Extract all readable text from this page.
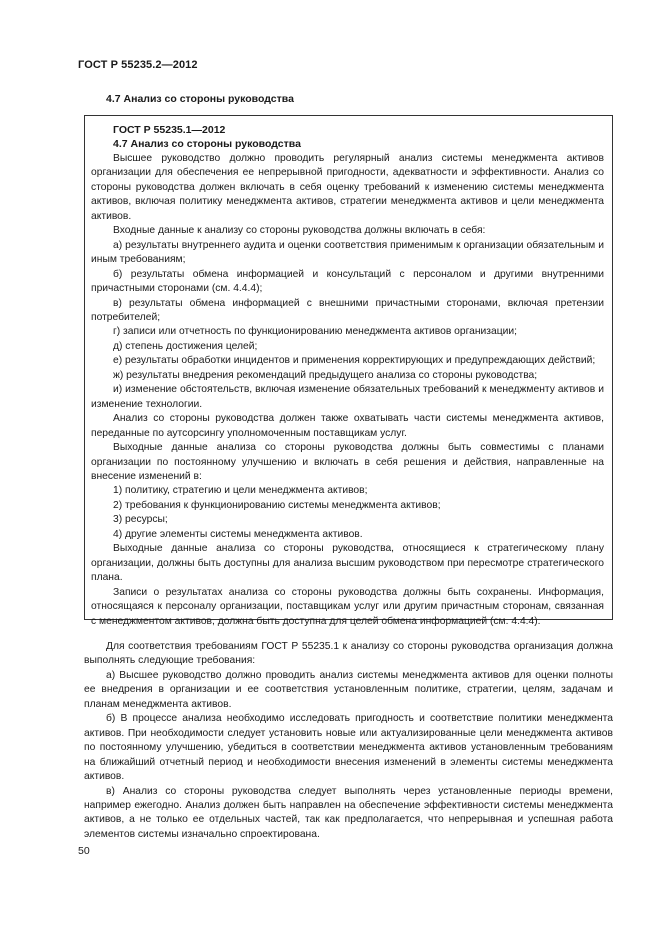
ГОСТ Р 55235.2—2012
4.7 Анализ со стороны руководства
ГОСТ Р 55235.1—2012
4.7 Анализ со стороны руководства

Высшее руководство должно проводить регулярный анализ системы менеджмента активов организации для обеспечения ее непрерывной пригодности, адекватности и эффективности. Анализ со стороны руководства должен включать в себя оценку требований к изменению системы менеджмента активов, включая политику менеджмента активов, стратегии менеджмента активов и цели менеджмента активов.

Входные данные к анализу со стороны руководства должны включать в себя:

а) результаты внутреннего аудита и оценки соответствия применимым к организации обязательным и иным требованиям;

б) результаты обмена информацией и консультаций с персоналом и другими внутренними причастными сторонами (см. 4.4.4);

в) результаты обмена информацией с внешними причастными сторонами, включая претензии потребителей;

г) записи или отчетность по функционированию менеджмента активов организации;

д) степень достижения целей;

е) результаты обработки инцидентов и применения корректирующих и предупреждающих действий;

ж) результаты внедрения рекомендаций предыдущего анализа со стороны руководства;

и) изменение обстоятельств, включая изменение обязательных требований к менеджменту активов и изменение технологии.

Анализ со стороны руководства должен также охватывать части системы менеджмента активов, переданные по аутсорсингу уполномоченным поставщикам услуг.

Выходные данные анализа со стороны руководства должны быть совместимы с планами организации по постоянному улучшению и включать в себя решения и действия, направленные на внесение изменений в:

1) политику, стратегию и цели менеджмента активов;

2) требования к функционированию системы менеджмента активов;

3) ресурсы;

4) другие элементы системы менеджмента активов.

Выходные данные анализа со стороны руководства, относящиеся к стратегическому плану организации, должны быть доступны для анализа высшим руководством при пересмотре стратегического плана.

Записи о результатах анализа со стороны руководства должны быть сохранены. Информация, относящаяся к персоналу организации, поставщикам услуг или другим причастным сторонам, связанная с менеджментом активов, должна быть доступна для целей обмена информацией (см. 4.4.4).

Для соответствия требованиям ГОСТ Р 55235.1 к анализу со стороны руководства организация должна выполнять следующие требования:

а) Высшее руководство должно проводить анализ системы менеджмента активов для оценки полноты ее внедрения в организации и ее соответствия установленным политике, стратегии, целям, задачам и планам менеджмента активов.

б) В процессе анализа необходимо исследовать пригодность и соответствие политики менеджмента активов. При необходимости следует установить новые или актуализированные цели менеджмента активов по постоянному улучшению, убедиться в соответствии менеджмента активов установленным требованиям на ближайший отчетный период и необходимости внесения изменений в элементы системы менеджмента активов.

в) Анализ со стороны руководства следует выполнять через установленные периоды времени, например ежегодно. Анализ должен быть направлен на обеспечение эффективности системы менеджмента активов, а не только ее отдельных частей, так как предполагается, что непрерывная и успешная работа элементов системы изначально спроектирована.

50
